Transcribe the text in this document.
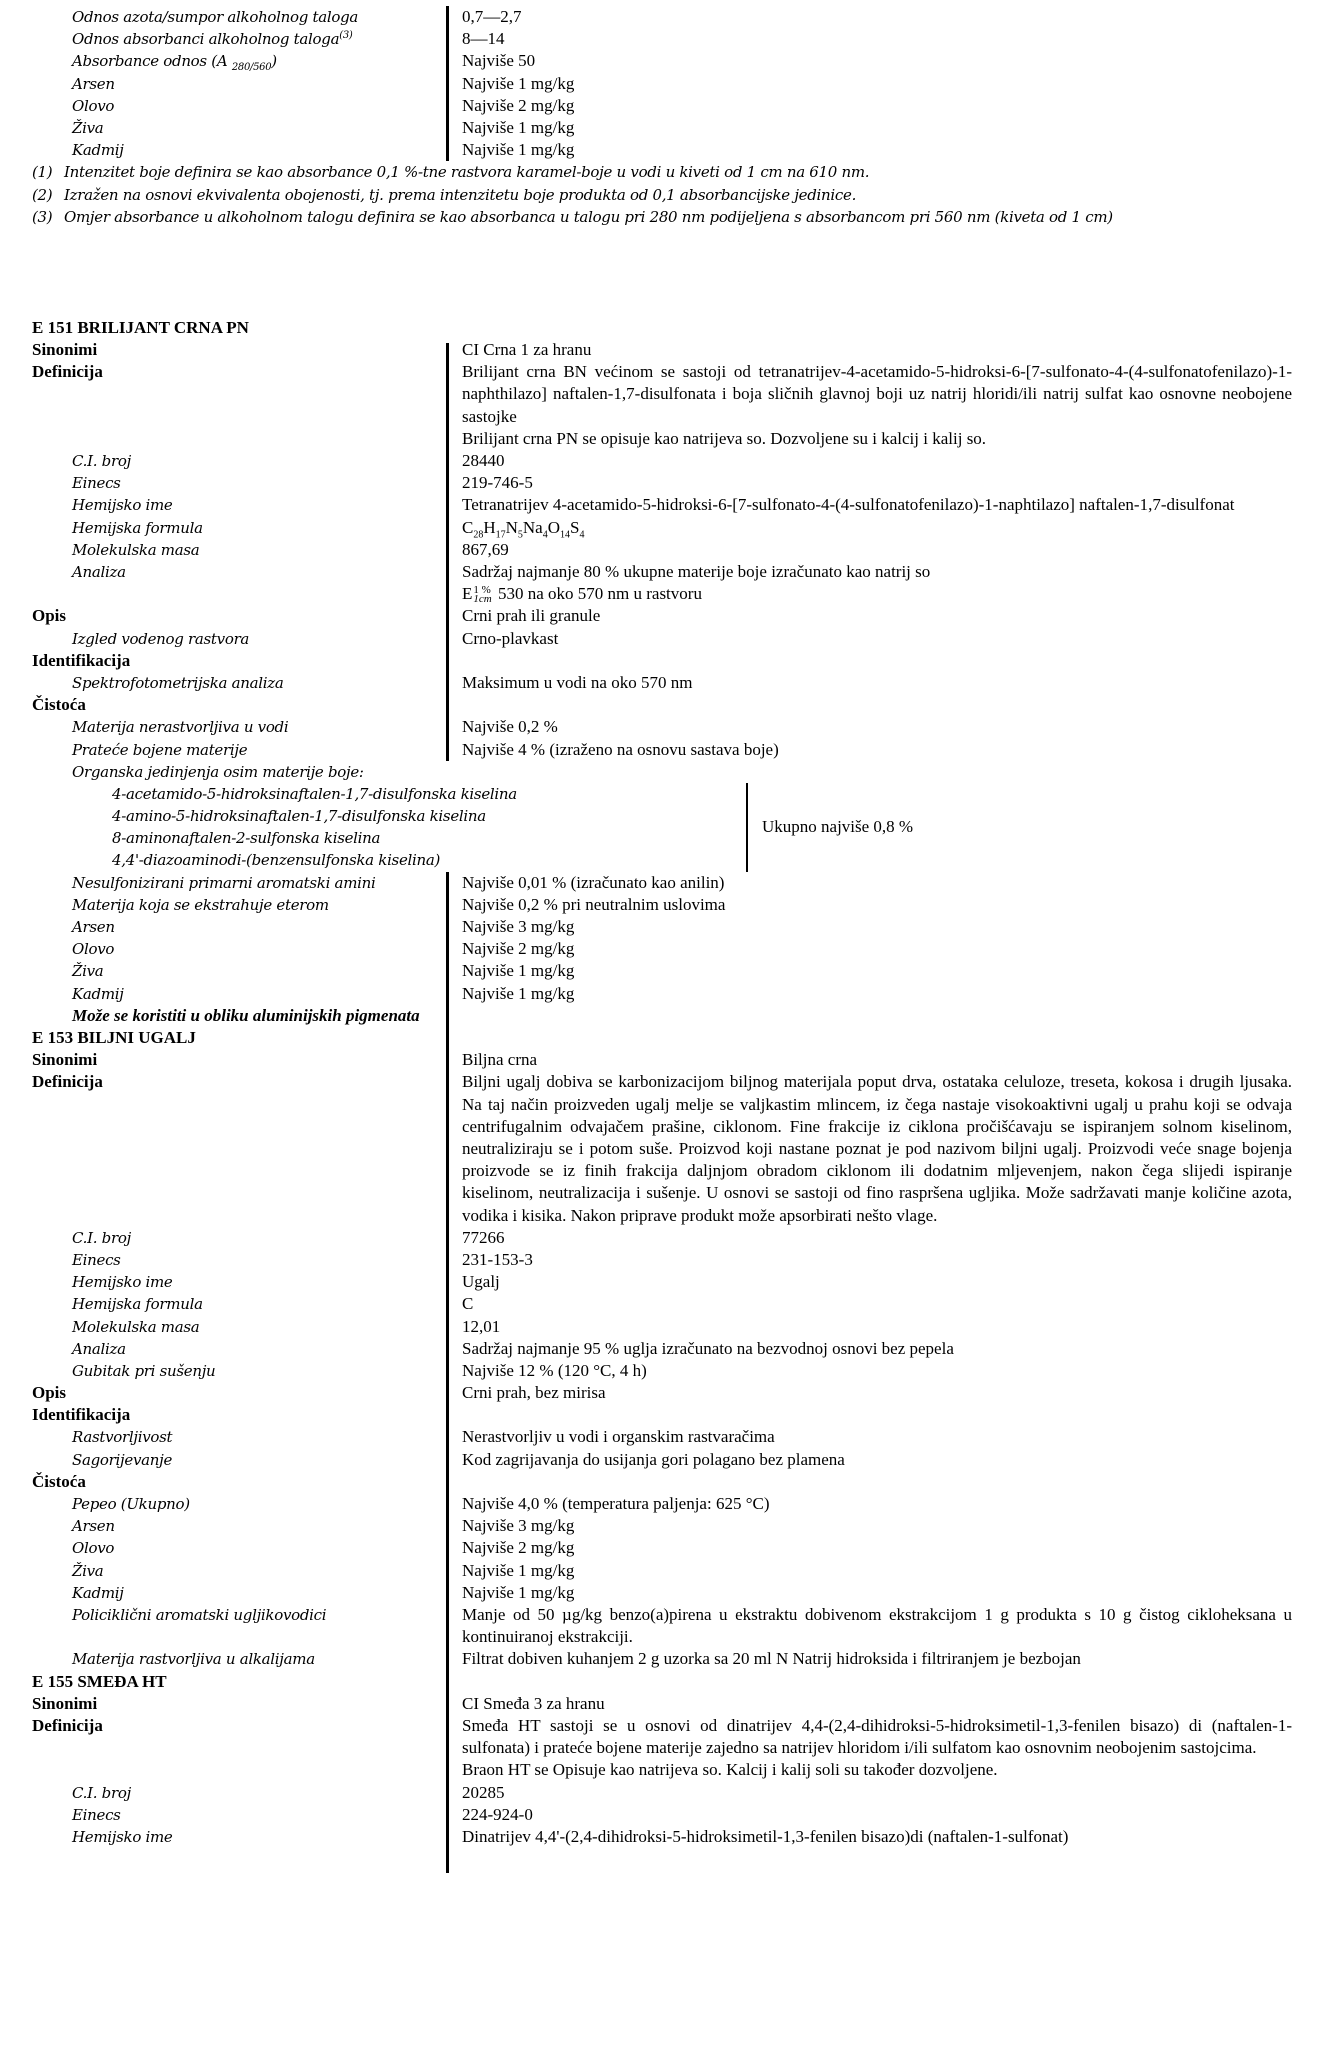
Odnos azota/sumpor alkoholnog taloga	0,7—2,7
Odnos absorbanci alkoholnog taloga$^{(3)}$	8—14
Absorbance odnos (A $_{280/560}$)	Najviše 50
Arsen	Najviše 1 mg/kg
Olovo	Najviše 2 mg/kg
Živa	Najviše 1 mg/kg
Kadmij	Najviše 1 mg/kg
(1) Intenzitet boje definira se kao absorbance 0,1 %-tne rastvora karamel-boje u vodi u kiveti od 1 cm na 610 nm.
(2) Izražen na osnovi ekvivalenta obojenosti, tj. prema intenzitetu boje produkta od 0,1 absorbancijske jedinice.
(3) Omjer absorbance u alkoholnom talogu definira se kao absorbanca u talogu pri 280 nm podijeljena s absorbancom pri 560 nm (kiveta od 1 cm)
E 151 BRILIJANT CRNA PN
Sinonimi	CI Crna 1 za hranu
Definicija	Brilijant crna BN većinom se sastoji od tetranatrijev-4-acetamido-5-hidroksi-6-[7-sulfonato-4-(4-sulfonatofenilazo)-1-naphthilazo] naftalen-1,7-disulfonata i boja sličnih glavnoj boji uz natrij hloridi/ili natrij sulfat kao osnovne neobojene sastojke
Brilijant crna PN se opisuje kao natrijeva so. Dozvoljene su i kalcij i kalij so.
C.I. broj	28440
Einecs	219-746-5
Hemijsko ime	Tetranatrijev 4-acetamido-5-hidroksi-6-[7-sulfonato-4-(4-sulfonatofenilazo)-1-naphtilazo] naftalen-1,7-disulfonat
Hemijska formula	$C_{28}H_{17}N_5Na_4O_{14}S_4$
Molekulska masa	867,69
Analiza	Sadržaj najmanje 80 % ukupne materije boje izračunato kao natrij so
E 1 %
1cm 530 na oko 570 nm u rastvoru
Opis	Crni prah ili granule
Izgled vodenog rastvora	Crno-plavkast
Identifikacija
Spektrofotometrijska analiza	Maksimum u vodi na oko 570 nm
Čistoća
Materija nerastvorljiva u vodi	Najviše 0,2 %
Prateće bojene materije	Najviše 4 % (izraženo na osnovu sastava boje)
Organska jedinjenja osim materije boje:
4-acetamido-5-hidroksinaftalen-1,7-disulfonska kiselina
4-amino-5-hidroksinaftalen-1,7-disulfonska kiselina
8-aminonaftalen-2-sulfonska kiselina
4,4'-diazoaminodi-(benzensulfonska kiselina)
Ukupno najviše 0,8 %
Nesulfonizirani primarni aromatski amini	Najviše 0,01 % (izračunato kao anilin)
Materija koja se ekstrahuje eterom	Najviše 0,2 % pri neutralnim uslovima
Arsen	Najviše 3 mg/kg
Olovo	Najviše 2 mg/kg
Živa	Najviše 1 mg/kg
Kadmij	Najviše 1 mg/kg
Može se koristiti u obliku aluminijskih pigmenata
E 153 BILJNI UGALJ
Sinonimi	Biljna crna
Definicija	Biljni ugalj dobiva se karbonizacijom biljnog materijala poput drva, ostataka celuloze, treseta, kokosa i drugih ljusaka. Na taj način proizveden ugalj melje se valjkastim mlincem, iz čega nastaje visokoaktivni ugalj u prahu koji se odvaja centrifugalnim odvajačem prašine, ciklonom. Fine frakcije iz ciklona pročišćavaju se ispiranjem solnom kiselinom, neutraliziraju se i potom suše. Proizvod koji nastane poznat je pod nazivom biljni ugalj. Proizvodi veće snage bojenja proizvode se iz finih frakcija daljnjom obradom ciklonom ili dodatnim mljevenjem, nakon čega slijedi ispiranje kiselinom, neutralizacija i sušenje. U osnovi se sastoji od fino raspršena ugljika. Može sadržavati manje količine azota, vodika i kisika. Nakon priprave produkt može apsorbirati nešto vlage.
C.I. broj	77266
Einecs	231-153-3
Hemijsko ime	Ugalj
Hemijska formula	C
Molekulska masa	12,01
Analiza	Sadržaj najmanje 95 % uglja izračunato na bezvodnoj osnovi bez pepela
Gubitak pri sušenju	Najviše 12 % (120 °C, 4 h)
Opis	Crni prah, bez mirisa
Identifikacija
Rastvorljivost	Nerastvorljiv u vodi i organskim rastvaračima
Sagorijevanje	Kod zagrijavanja do usijanja gori polagano bez plamena
Čistoća
Pepeo (Ukupno)	Najviše 4,0 % (temperatura paljenja: 625 °C)
Arsen	Najviše 3 mg/kg
Olovo	Najviše 2 mg/kg
Živa	Najviše 1 mg/kg
Kadmij	Najviše 1 mg/kg
Policiklični aromatski ugljikovodici	Manje od 50 µg/kg benzo(a)pirena u ekstraktu dobivenom ekstrakcijom 1 g produkta s 10 g čistog cikloheksana u kontinuiranoj ekstrakciji.
Materija rastvorljiva u alkalijama	Filtrat dobiven kuhanjem 2 g uzorka sa 20 ml N Natrij hidroksida i filtriranjem je bezbojan
E 155 SMEĐA HT
Sinonimi	CI Smeđa 3 za hranu
Definicija	Smeđa HT sastoji se u osnovi od dinatrijev 4,4-(2,4-dihidroksi-5-hidroksimetil-1,3-fenilen bisazo) di (naftalen-1-sulfonata) i prateće bojene materije zajedno sa natrijev hloridom i/ili sulfatom kao osnovnim neobojenim sastojcima.
Braon HT se Opisuje kao natrijeva so. Kalcij i kalij soli su također dozvoljene.
C.I. broj	20285
Einecs	224-924-0
Hemijsko ime	Dinatrijev 4,4'-(2,4-dihidroksi-5-hidroksimetil-1,3-fenilen bisazo)di (naftalen-1-sulfonat)
